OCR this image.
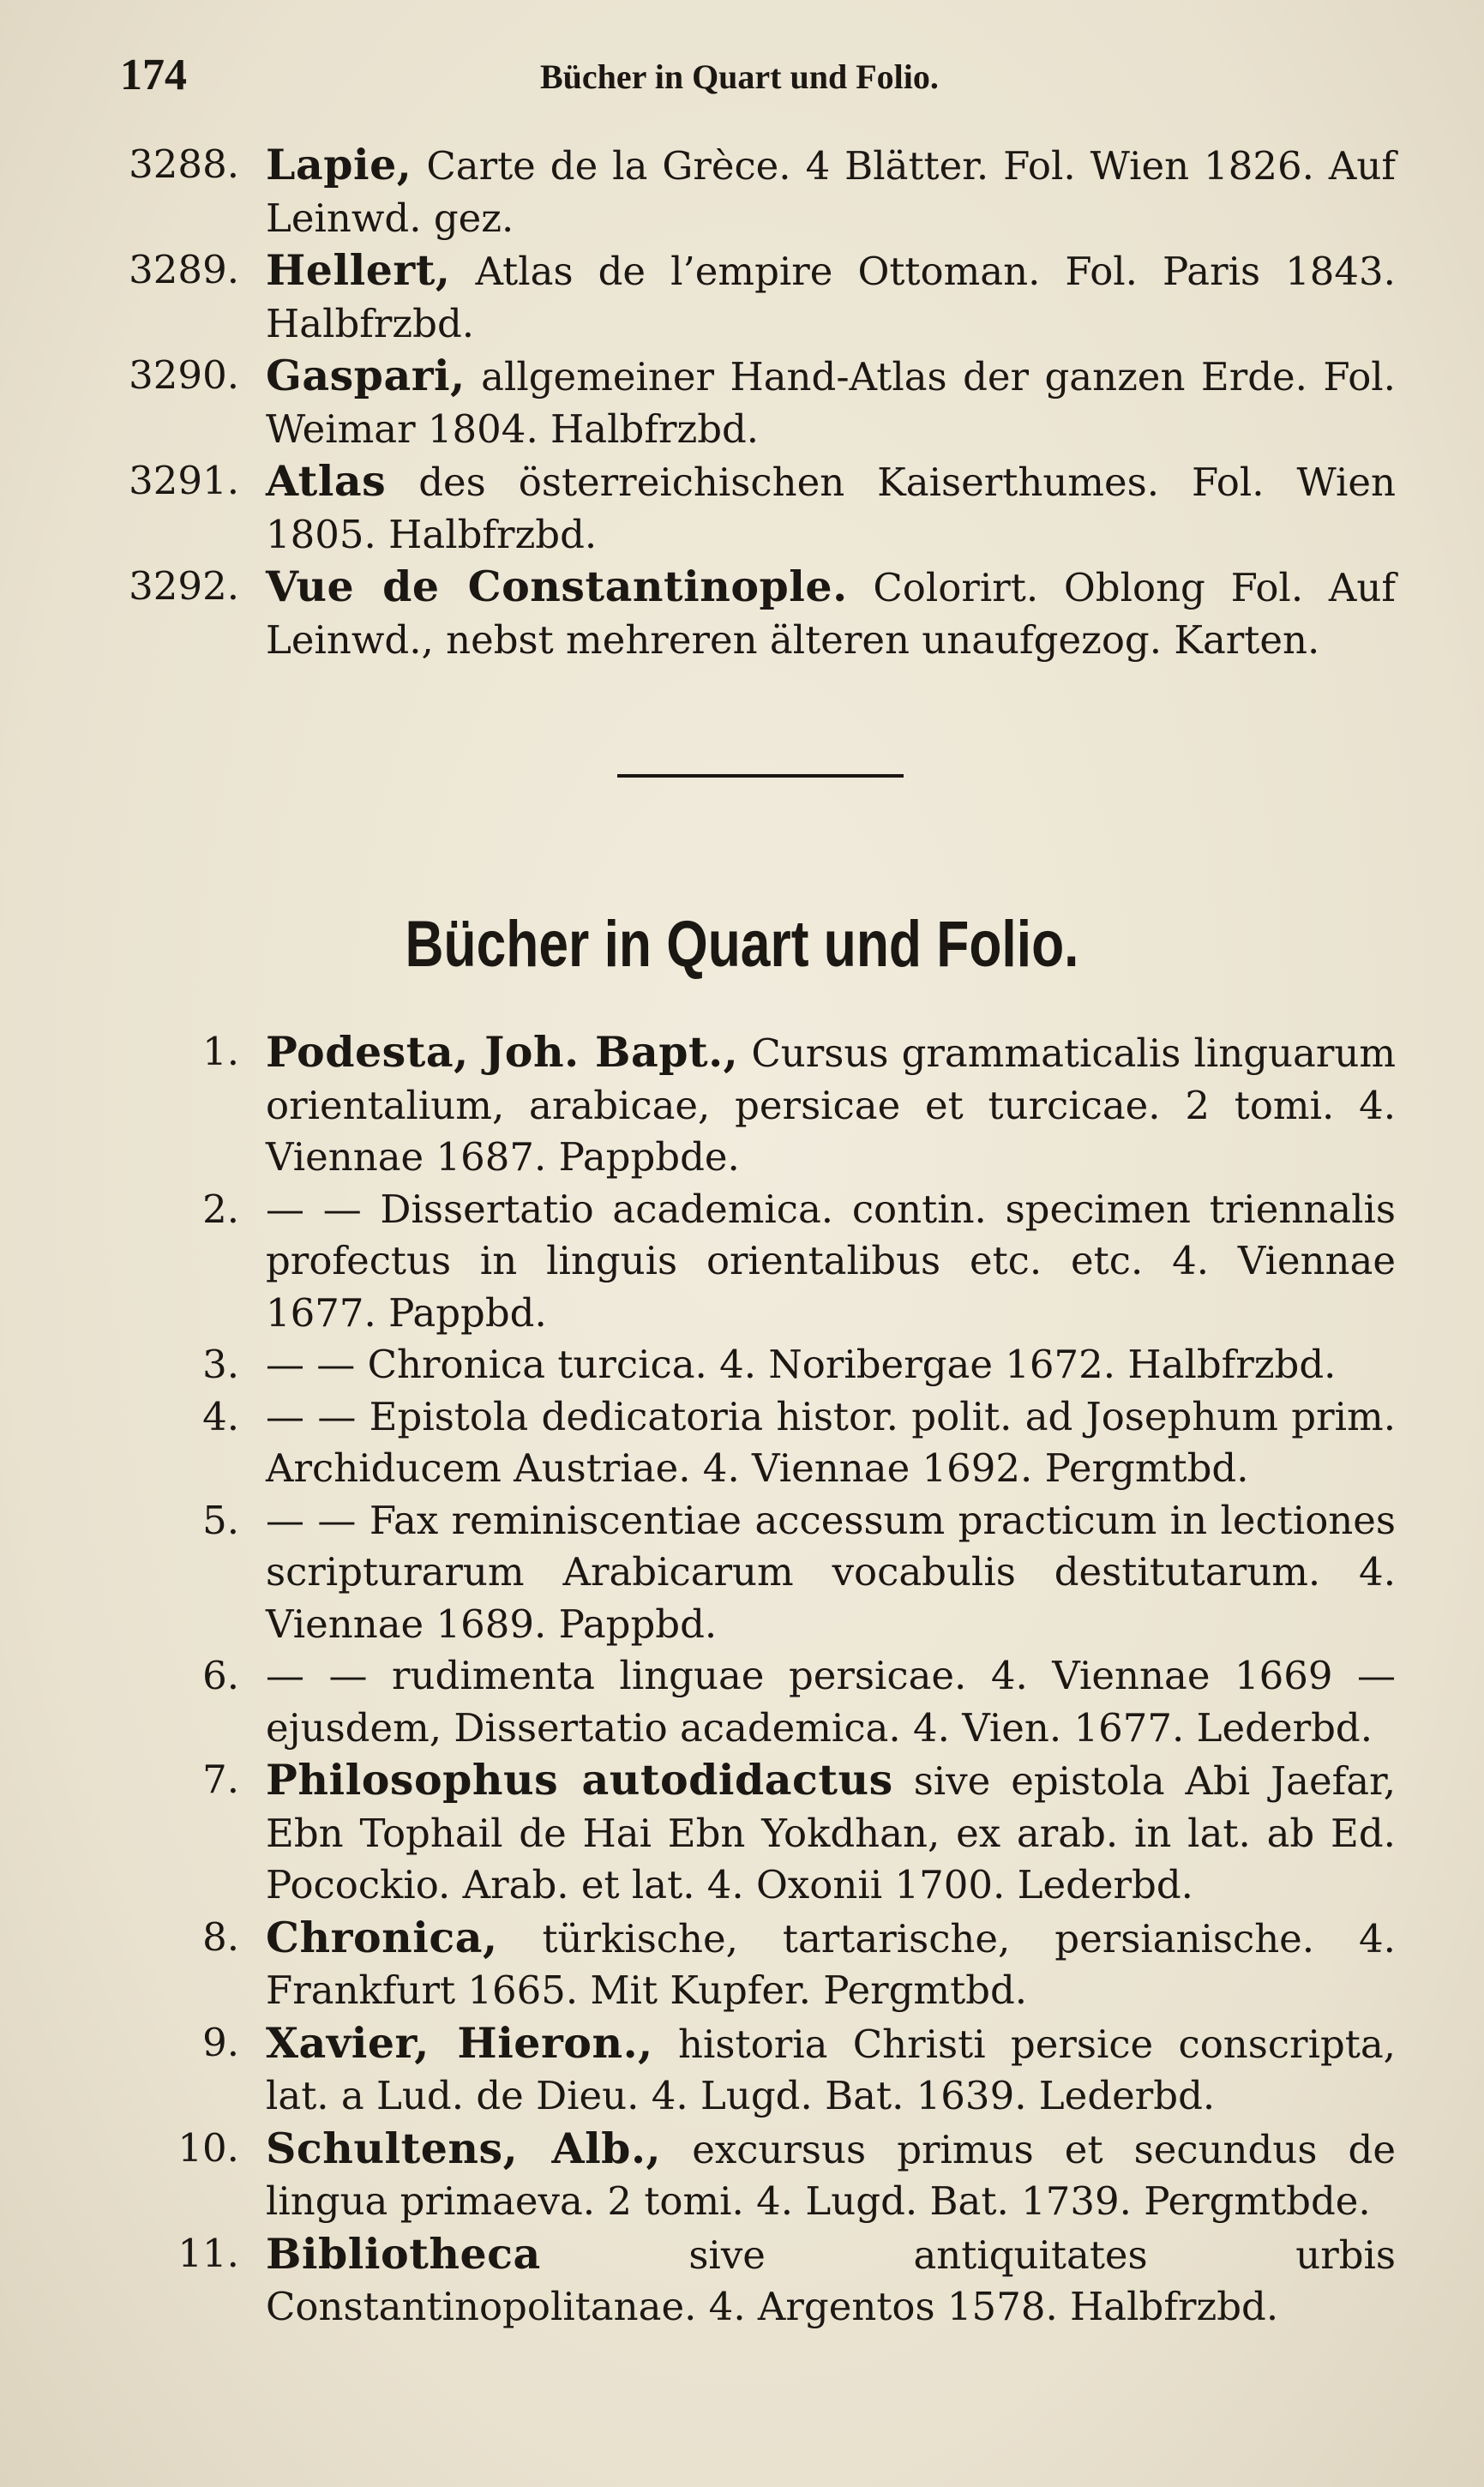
174	Bücher in Quart und Folio.
3288. Lapie, Carte de la Grèce. 4 Blätter. Fol. Wien 1826. Auf Leinwd. gez.
3289. Hellert, Atlas de l’empire Ottoman. Fol. Paris 1843. Halbfrzbd.
3290. Gaspari, allgemeiner Hand-Atlas der ganzen Erde. Fol. Weimar 1804. Halbfrzbd.
3291. Atlas des österreichischen Kaiserthumes. Fol. Wien 1805. Halbfrzbd.
3292. Vue de Constantinople. Colorirt. Oblong Fol. Auf Leinwd., nebst mehreren älteren unaufgezog. Karten.
Bücher in Quart und Folio.
1. Podesta, Joh. Bapt., Cursus grammaticalis linguarum orientalium, arabicae, persicae et turcicae. 2 tomi. 4. Viennae 1687. Pappbde.
2. — — Dissertatio academica. contin. specimen triennalis profectus in linguis orientalibus etc. etc. 4. Viennae 1677. Pappbd.
3. — — Chronica turcica. 4. Noribergae 1672. Halbfrzbd.
4. — — Epistola dedicatoria histor. polit. ad Josephum prim. Archiducem Austriae. 4. Viennae 1692. Pergmtbd.
5. — — Fax reminiscentiae accessum practicum in lectiones scripturarum Arabicarum vocabulis destitutarum. 4. Viennae 1689. Pappbd.
6. — — rudimenta linguae persicae. 4. Viennae 1669 — ejusdem, Dissertatio academica. 4. Vien. 1677. Lederbd.
7. Philosophus autodidactus sive epistola Abi Jaefar, Ebn Tophail de Hai Ebn Yokdhan, ex arab. in lat. ab Ed. Pocockio. Arab. et lat. 4. Oxonii 1700. Lederbd.
8. Chronica, türkische, tartarische, persianische. 4. Frankfurt 1665. Mit Kupfer. Pergmtbd.
9. Xavier, Hieron., historia Christi persice conscripta, lat. a Lud. de Dieu. 4. Lugd. Bat. 1639. Lederbd.
10. Schultens, Alb., excursus primus et secundus de lingua primaeva. 2 tomi. 4. Lugd. Bat. 1739. Pergmtbde.
11. Bibliotheca	sive antiquitates urbis Constantinopolitanae. 4. Argentos 1578. Halbfrzbd.
